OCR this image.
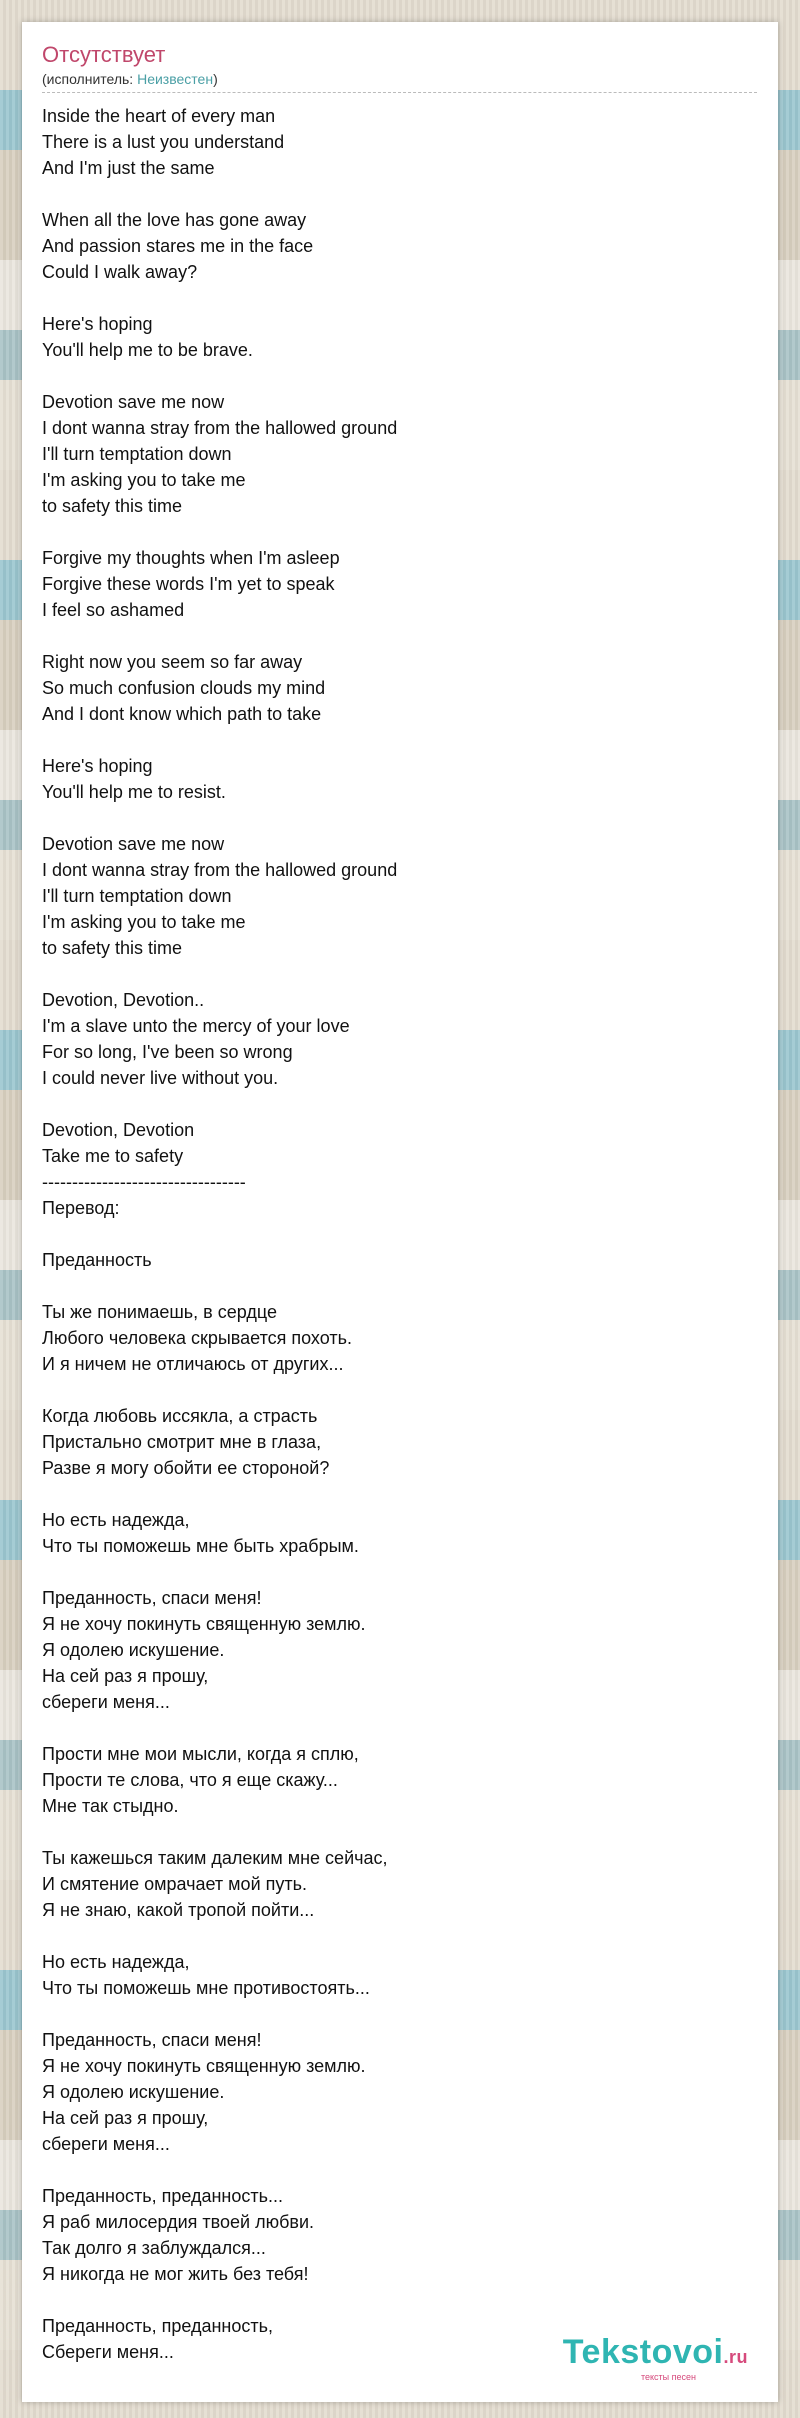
Отсутствует
(исполнитель: Неизвестен)
Inside the heart of every man
There is a lust you understand
And I'm just the same
When all the love has gone away
And passion stares me in the face
Could I walk away?
Here's hoping
You'll help me to be brave.
Devotion save me now
I dont wanna stray from the hallowed ground
I'll turn temptation down
I'm asking you to take me
to safety this time
Forgive my thoughts when I'm asleep
Forgive these words I'm yet to speak
I feel so ashamed
Right now you seem so far away
So much confusion clouds my mind
And I dont know which path to take
Here's hoping
You'll help me to resist.
Devotion save me now
I dont wanna stray from the hallowed ground
I'll turn temptation down
I'm asking you to take me
to safety this time
Devotion, Devotion..
I'm a slave unto the mercy of your love
For so long, I've been so wrong
I could never live without you.
Devotion, Devotion
Take me to safety
----------------------------------
Перевод:
Преданность
Ты же понимаешь, в сердце
Любого человека скрывается похоть.
И я ничем не отличаюсь от других...
Когда любовь иссякла, а страсть
Пристально смотрит мне в глаза,
Разве я могу обойти ее стороной?
Но есть надежда,
Что ты поможешь мне быть храбрым.
Преданность, спаси меня!
Я не хочу покинуть священную землю.
Я одолею искушение.
На сей раз я прошу,
сбереги меня...
Прости мне мои мысли, когда я сплю,
Прости те слова, что я еще скажу...
Мне так стыдно.
Ты кажешься таким далеким мне сейчас,
И смятение омрачает мой путь.
Я не знаю, какой тропой пойти...
Но есть надежда,
Что ты поможешь мне противостоять...
Преданность, спаси меня!
Я не хочу покинуть священную землю.
Я одолею искушение.
На сей раз я прошу,
сбереги меня...
Преданность, преданность...
Я раб милосердия твоей любви.
Так долго я заблуждался...
Я никогда не мог жить без тебя!
Преданность, преданность,
Сбереги меня...	Tekstovoi.ru
тексты песен
